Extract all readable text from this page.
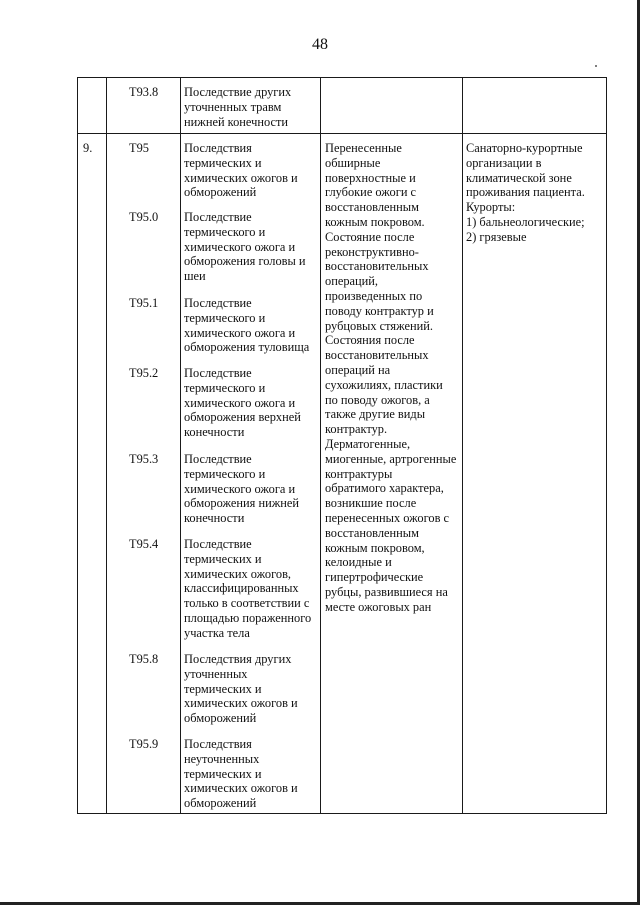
48
T93.8 Последствие других
уточненных травм
нижней конечности
9.	T95	Последствия
термических и
химических ожогов и
обморожений
T95.0 Последствие
термического и
химического ожога и
обморожения головы и
шеи
T95.1 Последствие
термического и
химического ожога и
обморожения туловища
T95.2 Последствие
термического и
химического ожога и
обморожения верхней
конечности
T95.3 Последствие
термического и
химического ожога и
обморожения нижней
конечности
T95.4 Последствие
термических и
химических ожогов,
классифицированных
только в соответствии с
площадью пораженного
участка тела
T95.8 Последствия других
уточненных
термических и
химических ожогов и
обморожений
T95.9 Последствия
неуточненных
термических и
химических ожогов и
обморожений
Перенесенные
обширные
поверхностные и
глубокие ожоги с
восстановленным
кожным покровом.
Состояние после
реконструктивно-
восстановительных
операций,
произведенных по
поводу контрактур и
рубцовых стяжений.
Состояния после
восстановительных
операций на
сухожилиях, пластики
по поводу ожогов, а
также другие виды
контрактур.
Дерматогенные,
миогенные, артрогенные
контрактуры
обратимого характера,
возникшие после
перенесенных ожогов с
восстановленным
кожным покровом,
келоидные и
гипертрофические
рубцы, развившиеся на
месте ожоговых ран
Санаторно-курортные
организации в
климатической зоне
проживания пациента.
Курорты:
1) бальнеологические;
2) грязевые
